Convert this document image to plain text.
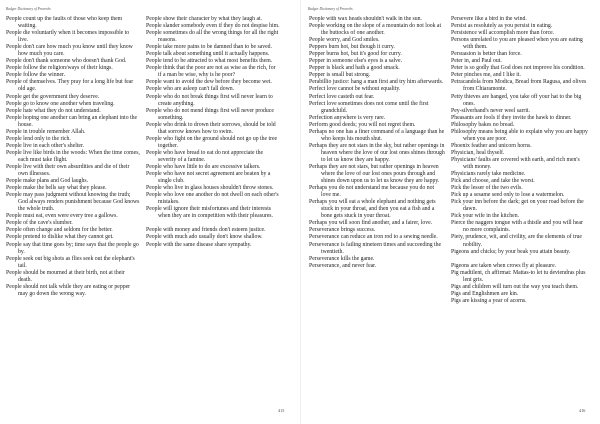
Badger Dictionary of Proverbs
People count up the faults of those who keep them waiting.
People die voluntarily when it becomes impossible to live.
People don't care how much you know until they know how much you care.
People don't thank someone who doesn't thank God.
People follow the religion/ways of their kings.
People follow the winner.
People of themselves. They pray for a long life but fear old age.
People get the government they deserve.
People go to know one another when traveling.
People hate what they do not understand.
People hoping one another can bring an elephant into the house.
People in trouble remember Allah.
People lend only to the rich.
People live in each other's shelter.
People live like birds in the woods: When the time comes, each must take flight.
People live with their own absurdities and die of their own illnesses.
People make plans and God laughs.
People make the bells say what they please.
People may pass judgment without knowing the truth; God always renders punishment because God knows the whole truth.
People must eat, even were every tree a gallows.
People of the cave's slumber.
People often change and seldom for the better.
People pretend to dislike what they cannot get.
People say that time goes by; time says that the people go by.
People seek out big shots as flies seek out the elephant's tail.
People should be mourned at their birth, not at their death.
People should not talk while they are eating or pepper may go down the wrong way.
People show their character by what they laugh at.
People slander somebody even if they do not despise him.
People sometimes do all the wrong things for all the right reasons.
People take more pains to be damned than to be saved.
People talk about something until it actually happens.
People tend to be attracted to what most benefits them.
People think that the poor are not as wise as the rich, for if a man be wise, why is he poor?
People want to avoid the dew before they become wet.
People who are asleep can't fall down.
People who do not break things first will never learn to create anything.
People who do not mend things first will never produce something.
People who drink to drown their sorrows, should be told that sorrow knows how to swim.
People who fight on the ground should not go up the tree together.
People who have bread to eat do not appreciate the severity of a famine.
People who have little to do are excessive talkers.
People who have not secret agreement are beaten by a single club.
People who live in glass houses shouldn't throw stones.
People who love one another do not dwell on each other's mistakes.
People will ignore their misfortunes and their interests when they are in competition with their pleasures.
People with money and friends don't esteem justice.
People with much ado usually don't know shallow.
People with the same disease share sympathy.
415
Badger Dictionary of Proverbs
People with wax heads shouldn't walk in the sun.
People working on the slope of a mountain do not look at the buttocks of one another.
People worry, and God smiles.
Peppers burn hot, but though it curry.
Pepper burns hot, but it's good for curry.
Pepper in someone else's eyes is a salve.
Pepper is black and hath a good smack.
Pepper is small but strong.
Perabillio justice: hang a man first and try him afterwards.
Perfect love cannot be without equality.
Perfect love casteth out fear.
Perfect love sometimes does not come until the first grandchild.
Perfection anywhere is very rare.
Perform good deeds; you will not regret them.
Perhaps no one has a finer command of a language than he who keeps his mouth shut.
Perhaps they are not stars in the sky, but rather openings in heaven where the love of our lost ones shines through to let us know they are happy.
Perhaps they are not stars, but rather openings in heaven where the love of our lost ones pours through and shines down upon us to let us know they are happy.
Perhaps you do not understand me because you do not love me.
Perhaps you will eat a whole elephant and nothing gets stuck in your throat, and then you eat a fish and a bone gets stuck in your throat.
Perhaps you will soon find another, and a fairer, love.
Perseverance brings success.
Perseverance can reduce an iron rod to a sewing needle.
Perseverance is failing nineteen times and succeeding the twentieth.
Perseverance kills the game.
Perseverance, and never fear.
Persevere like a bird in the wind.
Persist as resolutely as you persist in eating.
Persistence will accomplish more than force.
Persons unrelated to you are pleased when you are eating with them.
Persuasion is better than force.
Peter in, and Paul out.
Peter is so godly that God does not improve his condition.
Peter pinches me, and I like it.
Petracandola from Modica, Bread from Ragusa, and olives from Chiaramonte.
Petty thieves are hanged, you take off your hat to the big ones.
Pey-silverhand's never weel sarrit.
Pheasants are fools if they invite the hawk to dinner.
Philosophy bakes no bread.
Philosophy means being able to explain why you are happy when you are poor.
Phoenix feather and unicorn horns.
Physician, heal thyself.
Physicians' faults are covered with earth, and rich men's with money.
Physicians rarely take medicine.
Pick and choose, and take the worst.
Pick the lesser of the two evils.
Pick up a sesame seed only to lose a watermelon.
Pick your inn before the dark; get on your road before the dawn.
Pick your wife in the kitchen.
Pierce the naggers tongue with a thistle and you will hear no more complaints.
Piety, prudence, wit, and civility, are the elements of true nobility.
Pigeons and chicks; by your beak you attain beauty.
Pigeons are taken when crows fly at pleasure.
Pig madtilent, ch affirmat: Mattas-to let tu deviendras plus lent gris.
Pigs and children will turn out the way you teach them.
Pigs and Englishmen are kin.
Pigs are kissing a year of acorns.
416
